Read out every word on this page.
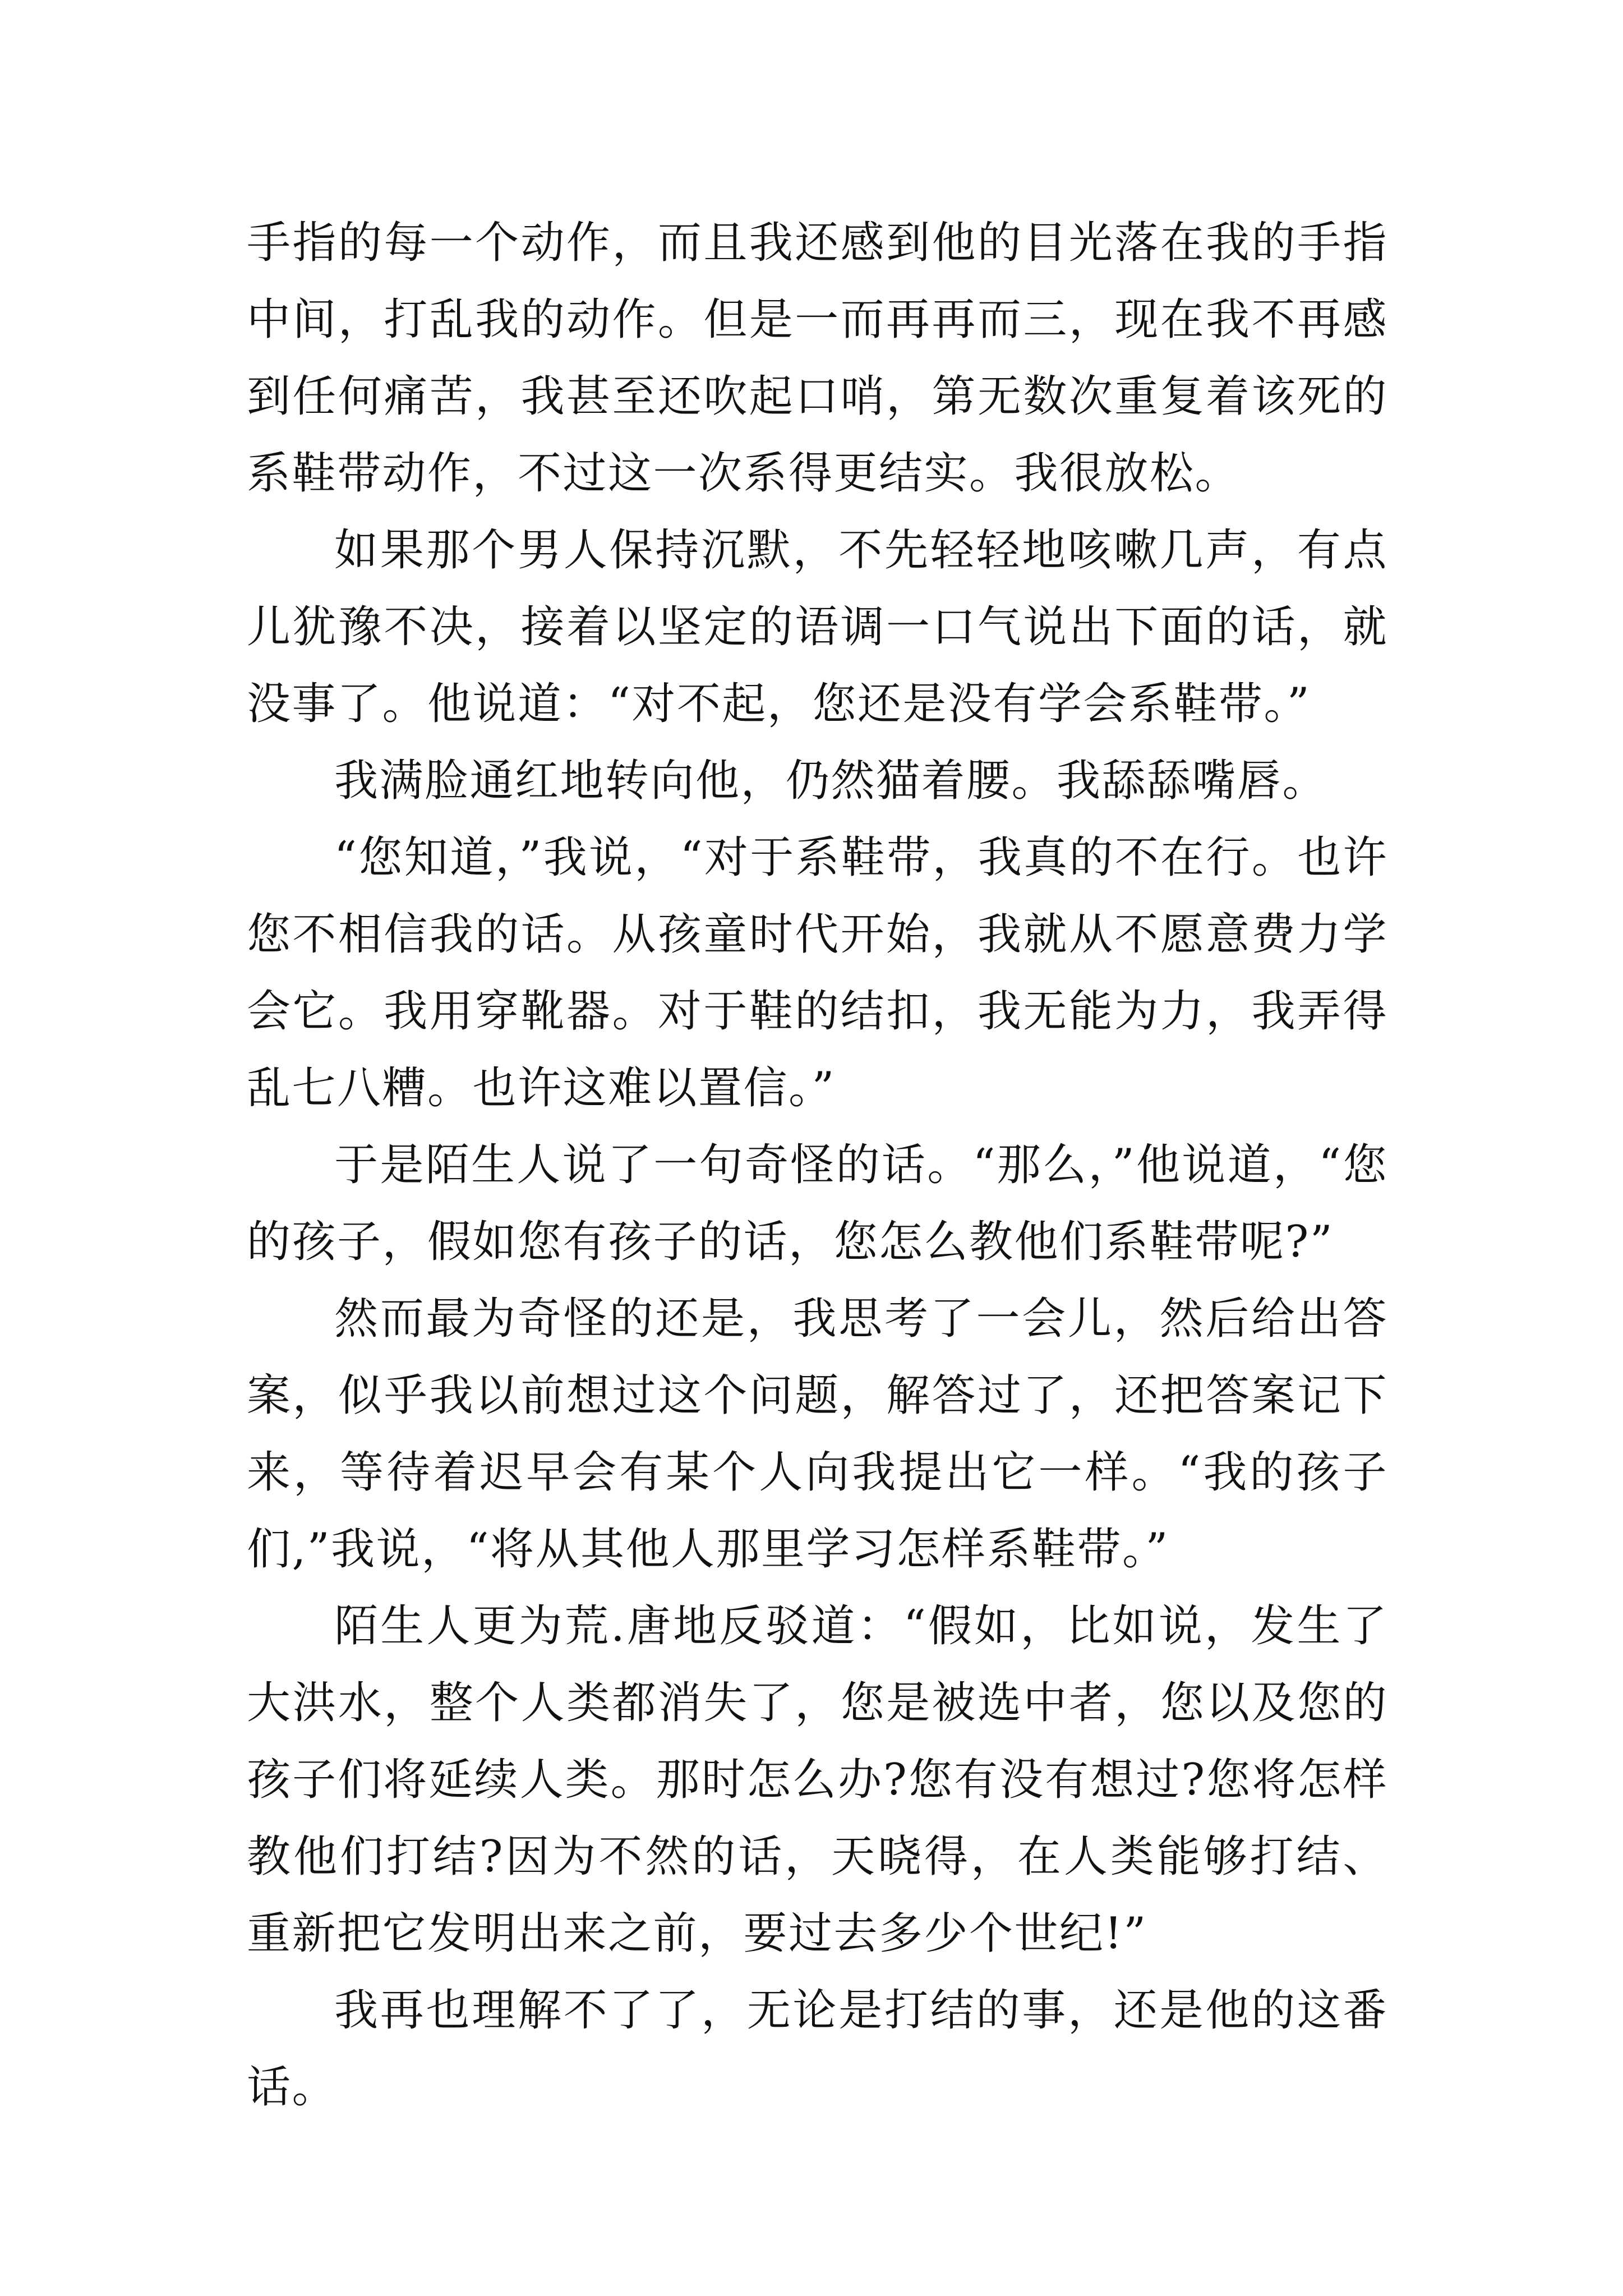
手指的每一个动作，而且我还感到他的目光落在我的手指中间，打乱我的动作。但是一而再再而三，现在我不再感到任何痛苦，我甚至还吹起口哨，第无数次重复着该死的系鞋带动作，不过这一次系得更结实。我很放松。

如果那个男人保持沉默，不先轻轻地咳嗽几声，有点儿犹豫不决，接着以坚定的语调一口气说出下面的话，就没事了。他说道：“对不起，您还是没有学会系鞋带。”

我满脸通红地转向他，仍然猫着腰。我舔舔嘴唇。

“您知道，”我说，“对于系鞋带，我真的不在行。也许您不相信我的话。从孩童时代开始，我就从不愿意费力学会它。我用穿靴器。对于鞋的结扣，我无能为力，我弄得乱七八糟。也许这难以置信。”

于是陌生人说了一句奇怪的话。“那么，”他说道，“您的孩子，假如您有孩子的话，您怎么教他们系鞋带呢?”

然而最为奇怪的还是，我思考了一会儿，然后给出答案，似乎我以前想过这个问题，解答过了，还把答案记下来，等待着迟早会有某个人向我提出它一样。“我的孩子们,”我说，“将从其他人那里学习怎样系鞋带。”

陌生人更为荒.唐地反驳道：“假如，比如说，发生了大洪水，整个人类都消失了，您是被选中者，您以及您的孩子们将延续人类。那时怎么办?您有没有想过?您将怎样教他们打结?因为不然的话，天晓得，在人类能够打结、重新把它发明出来之前，要过去多少个世纪!”

我再也理解不了了，无论是打结的事，还是他的这番话。
